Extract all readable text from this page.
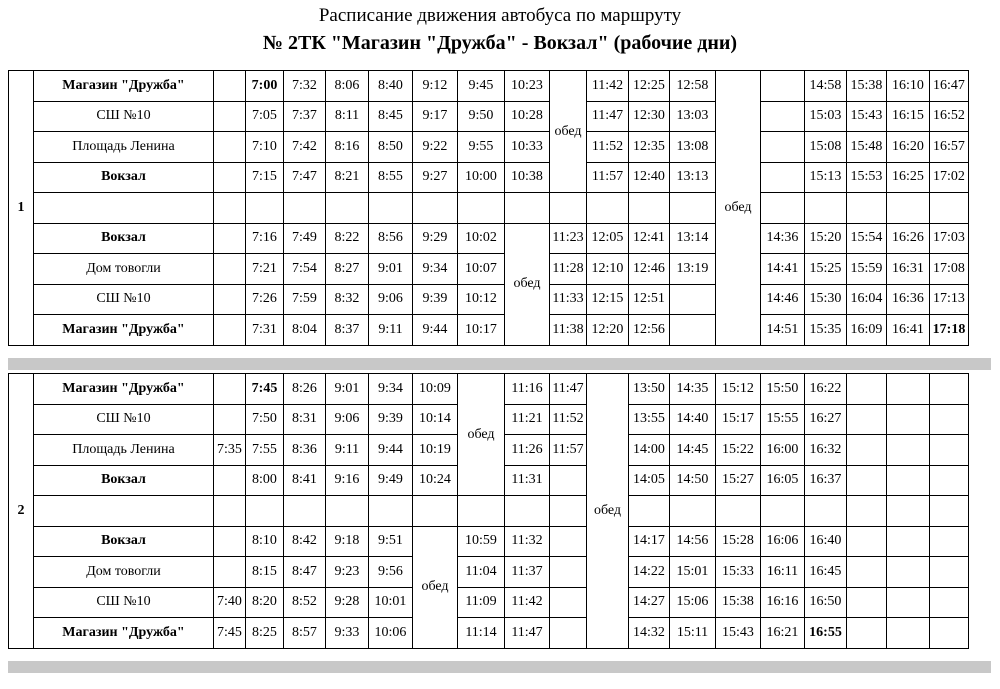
Расписание движения автобуса по маршруту
№ 2ТК "Магазин "Дружба" - Вокзал" (рабочие дни)
1	Магазин "Дружба"		7:00	7:32	8:06	8:40	9:12	9:45	10:23	обед	11:42	12:25	12:58	обед		14:58	15:38	16:10	16:47
	СШ №10		7:05	7:37	8:11	8:45	9:17	9:50	10:28		11:47	12:30	13:03			15:03	15:43	16:15	16:52
	Площадь Ленина		7:10	7:42	8:16	8:50	9:22	9:55	10:33		11:52	12:35	13:08			15:08	15:48	16:20	16:57
	Вокзал		7:15	7:47	8:21	8:55	9:27	10:00	10:38		11:57	12:40	13:13			15:13	15:53	16:25	17:02

	Вокзал		7:16	7:49	8:22	8:56	9:29	10:02	обед	11:23	12:05	12:41	13:14		14:36	15:20	15:54	16:26	17:03
	Дом товогли		7:21	7:54	8:27	9:01	9:34	10:07		11:28	12:10	12:46	13:19		14:41	15:25	15:59	16:31	17:08
	СШ №10		7:26	7:59	8:32	9:06	9:39	10:12		11:33	12:15	12:51			14:46	15:30	16:04	16:36	17:13
	Магазин "Дружба"		7:31	8:04	8:37	9:11	9:44	10:17		11:38	12:20	12:56			14:51	15:35	16:09	16:41	17:18
2	Магазин "Дружба"		7:45	8:26	9:01	9:34	10:09	обед	11:16	11:47	обед	13:50	14:35	15:12	15:50	16:22			
	СШ №10		7:50	8:31	9:06	9:39	10:14		11:21	11:52		13:55	14:40	15:17	15:55	16:27			
	Площадь Ленина	7:35	7:55	8:36	9:11	9:44	10:19		11:26	11:57		14:00	14:45	15:22	16:00	16:32			
	Вокзал		8:00	8:41	9:16	9:49	10:24		11:31			14:05	14:50	15:27	16:05	16:37			

	Вокзал		8:10	8:42	9:18	9:51	обед	10:59	11:32			14:17	14:56	15:28	16:06	16:40			
	Дом товогли		8:15	8:47	9:23	9:56		11:04	11:37			14:22	15:01	15:33	16:11	16:45			
	СШ №10	7:40	8:20	8:52	9:28	10:01		11:09	11:42			14:27	15:06	15:38	16:16	16:50			
	Магазин "Дружба"	7:45	8:25	8:57	9:33	10:06		11:14	11:47			14:32	15:11	15:43	16:21	16:55			
